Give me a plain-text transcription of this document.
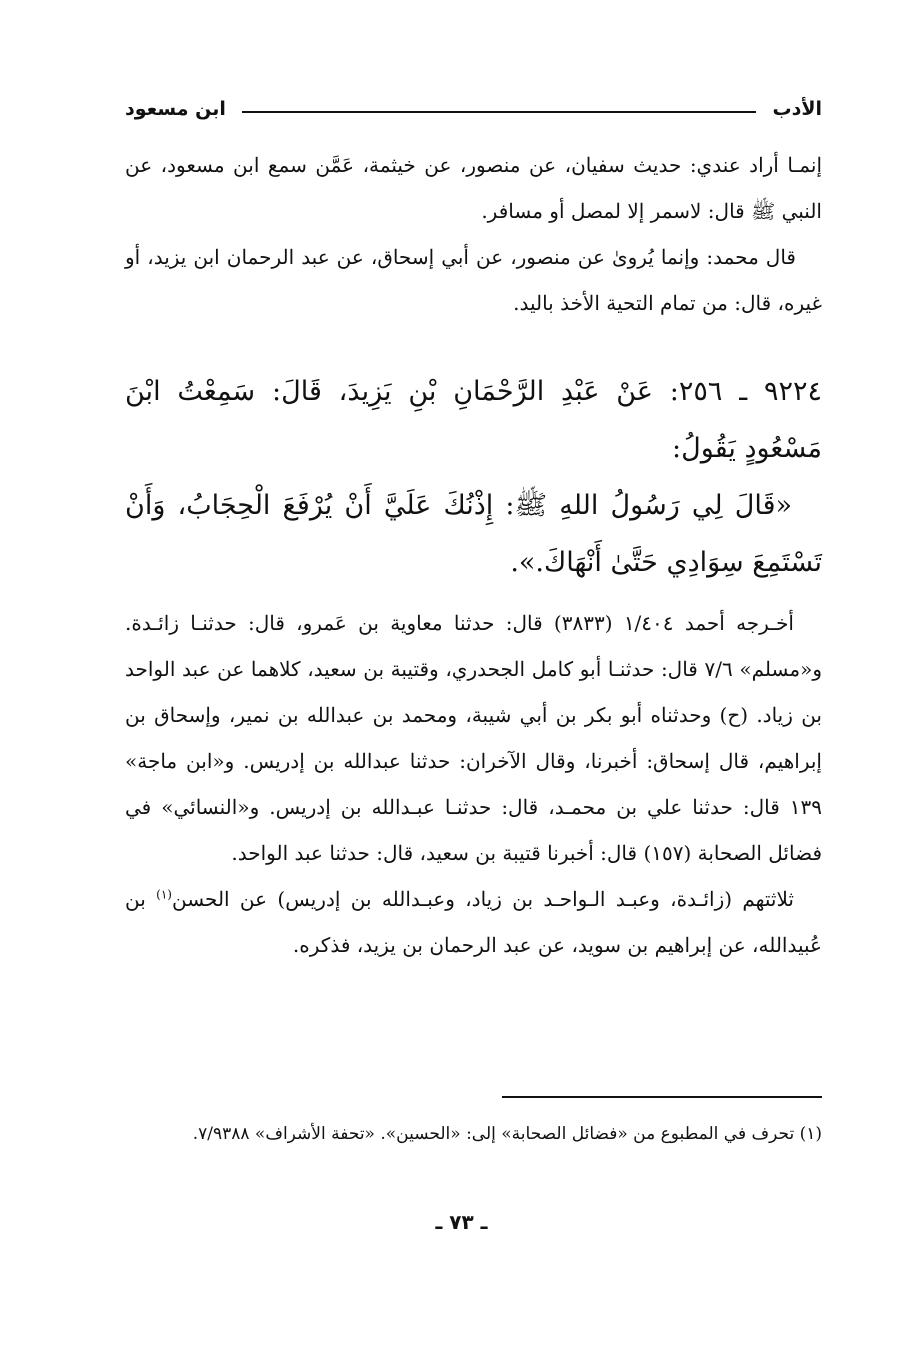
الأدب
ابن مسعود

إنمـا أراد عندي: حديث سفيان، عن منصور، عن خيثمة، عَمَّن سمع ابن مسعود، عن النبي ﷺ قال: لاسمر إلا لمصل أو مسافر.

قال محمد: وإنما يُروىٰ عن منصور، عن أبي إسحاق، عن عبد الرحمان ابن يزيد، أو غيره، قال: من تمام التحية الأخذ باليد.

٩٢٢٤ ـ ٢٥٦: عَنْ عَبْدِ الرَّحْمَانِ بْنِ يَزِيدَ، قَالَ: سَمِعْتُ ابْنَ مَسْعُودٍ يَقُولُ:

«قَالَ لِي رَسُولُ اللهِ ﷺ: إِذْنُكَ عَلَيَّ أَنْ يُرْفَعَ الْحِجَابُ، وَأَنْ تَسْتَمِعَ سِوَادِي حَتَّىٰ أَنْهَاكَ.».

أخـرجه أحمد ١/٤٠٤ (٣٨٣٣) قال: حدثنا معاوية بن عَمرو، قال: حدثنـا زائـدة. و«مسلم» ٧/٦ قال: حدثنـا أبو كامل الجحدري، وقتيبة بن سعيد، كلاهما عن عبد الواحد بن زياد. (ح) وحدثناه أبو بكر بن أبي شيبة، ومحمد بن عبدالله بن نمير، وإسحاق بن إبراهيم، قال إسحاق: أخبرنا، وقال الآخران: حدثنا عبدالله بن إدريس. و«ابن ماجة» ١٣٩ قال: حدثنا علي بن محمـد، قال: حدثنـا عبـدالله بن إدريس. و«النسائي» في فضائل الصحابة (١٥٧) قال: أخبرنا قتيبة بن سعيد، قال: حدثنا عبد الواحد.

ثلاثتهم (زائـدة، وعبـد الـواحـد بن زياد، وعبـدالله بن إدريس) عن الحسن$^{(١)}$ بن عُبيدالله، عن إبراهيم بن سويد، عن عبد الرحمان بن يزيد، فذكره.

(١) تحرف في المطبوع من «فضائل الصحابة» إلى: «الحسين». «تحفة الأشراف» ٧/٩٣٨٨.

ـ ٧٣ ـ
